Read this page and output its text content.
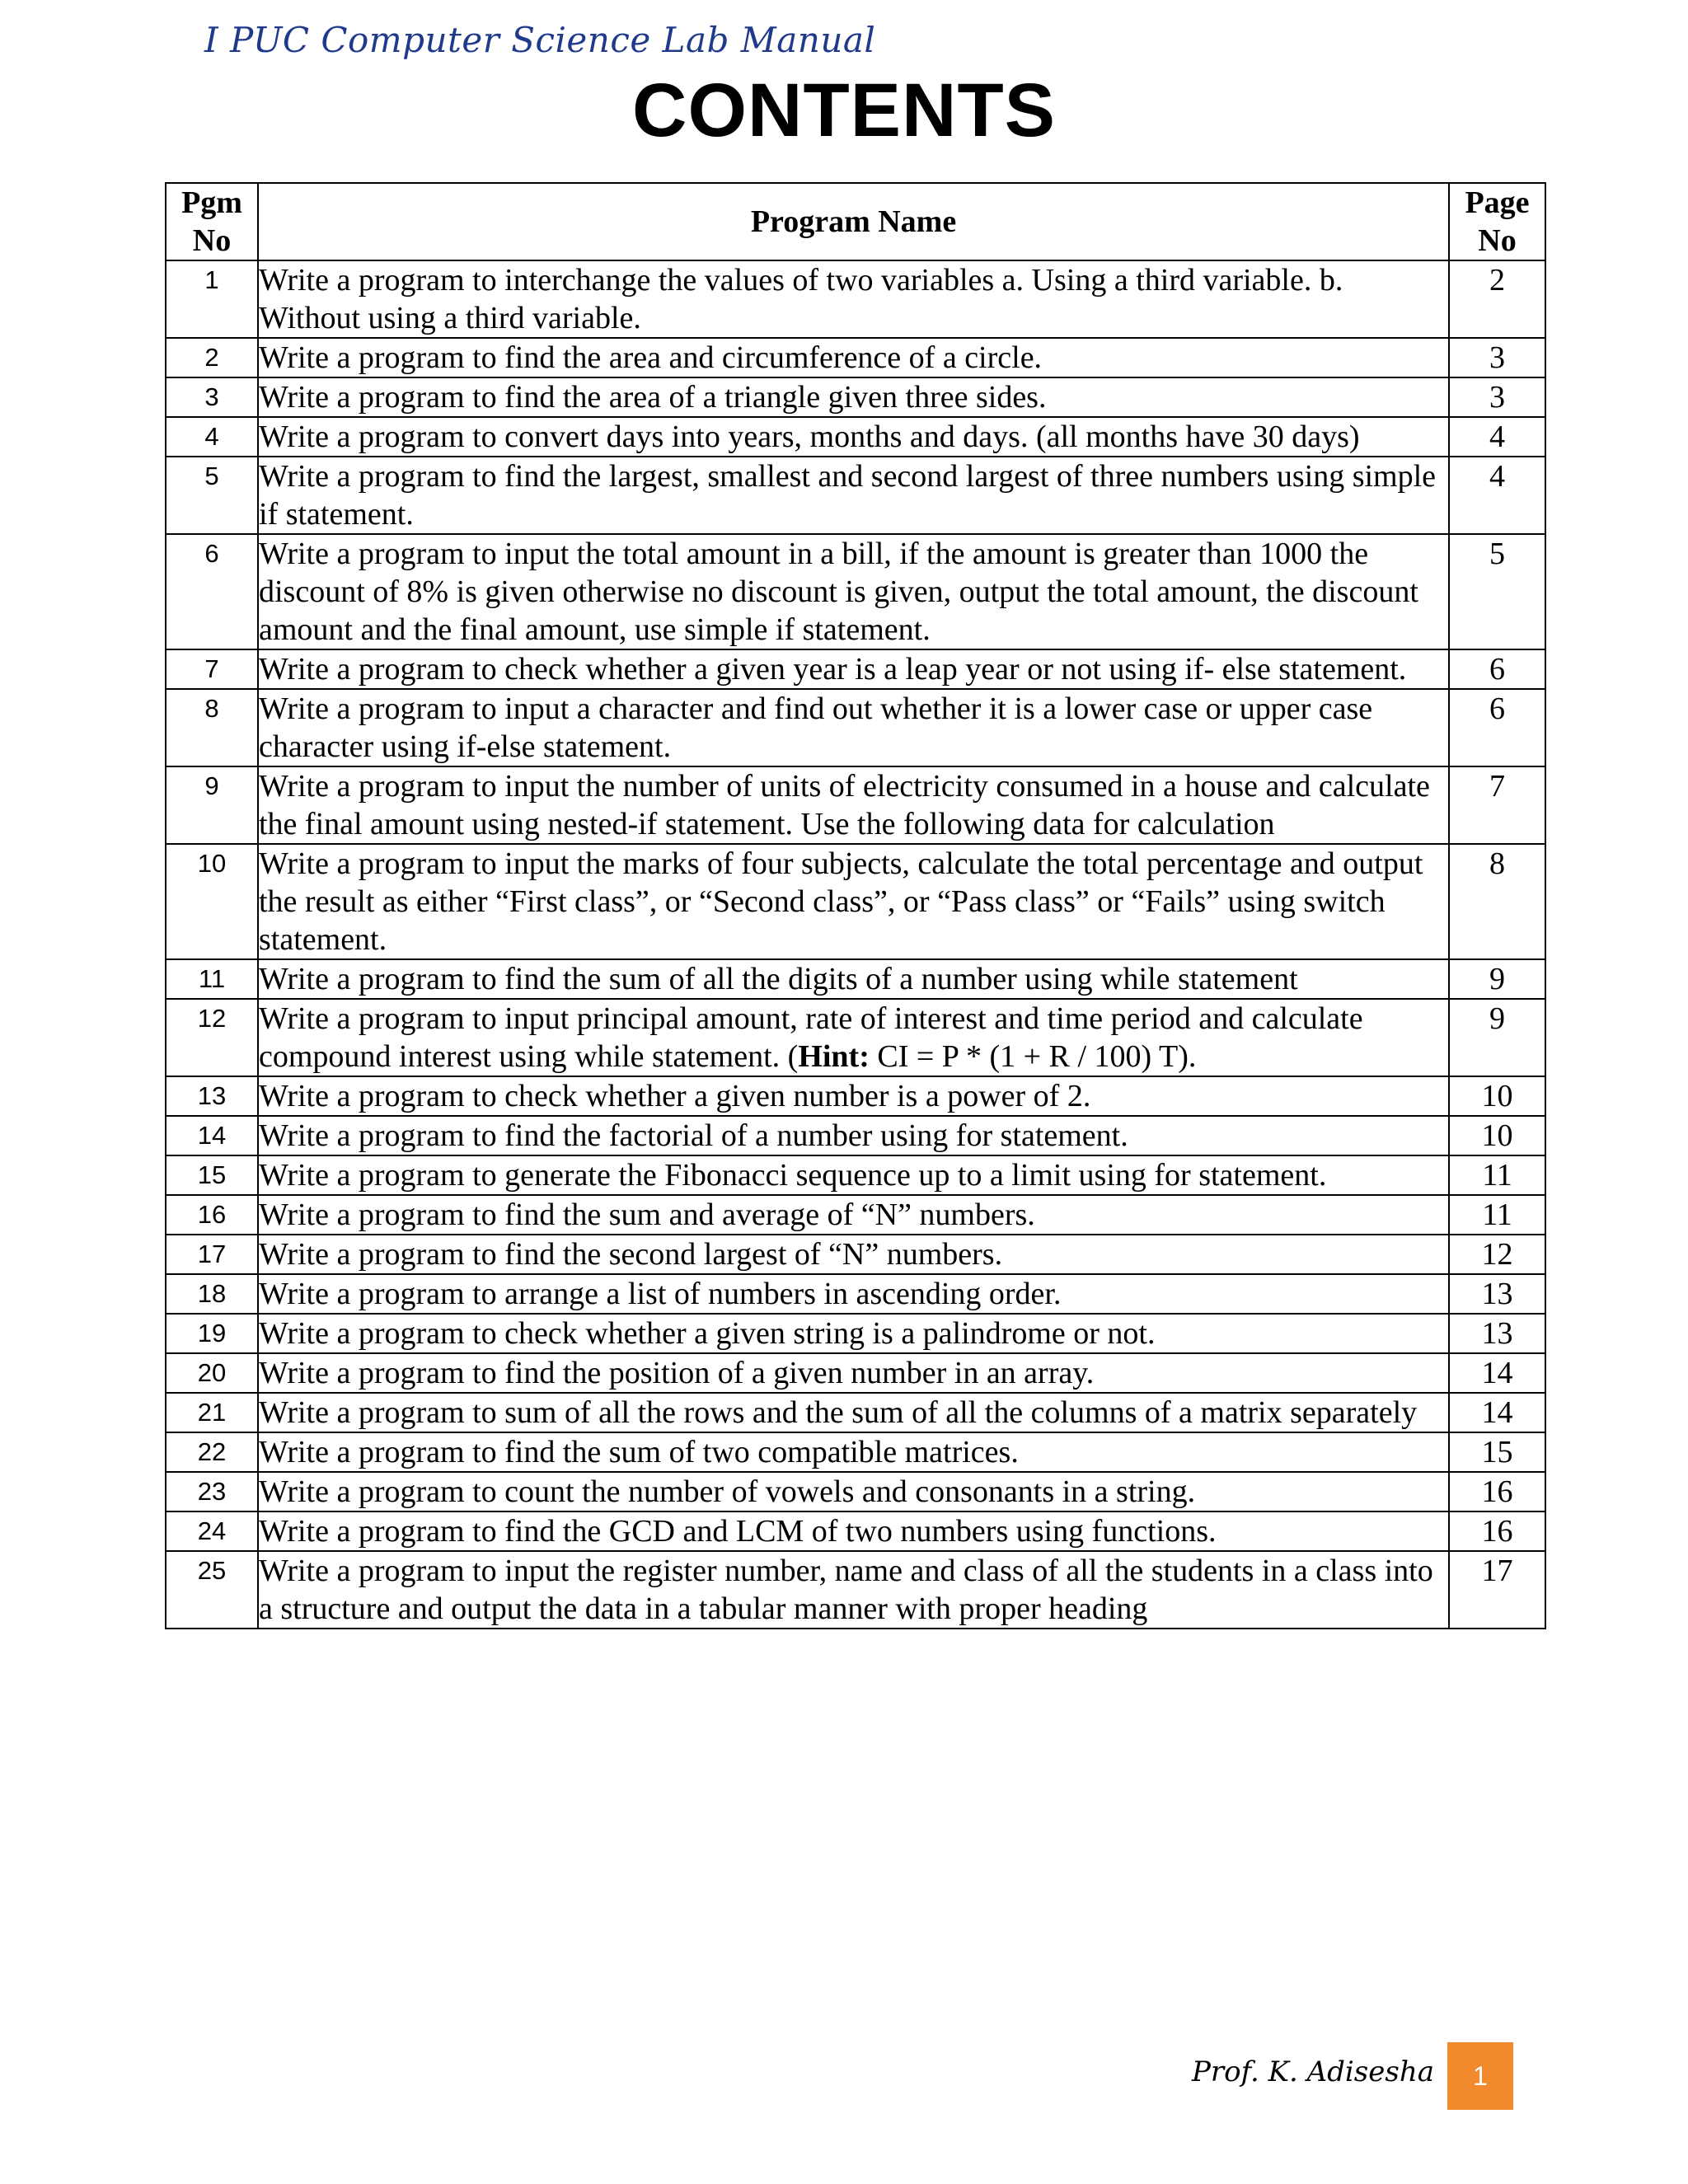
I PUC Computer Science Lab Manual
CONTENTS
Pgm No	Program Name	Page No
1	Write a program to interchange the values of two variables a. Using a third variable. b. Without using a third variable.	2
2	Write a program to find the area and circumference of a circle.	3
3	Write a program to find the area of a triangle given three sides.	3
4	Write a program to convert days into years, months and days. (all months have 30 days)	4
5	Write a program to find the largest, smallest and second largest of three numbers using simple if statement.	4
6	Write a program to input the total amount in a bill, if the amount is greater than 1000 the discount of 8% is given otherwise no discount is given, output the total amount, the discount amount and the final amount, use simple if statement.	5
7	Write a program to check whether a given year is a leap year or not using if- else statement.	6
8	Write a program to input a character and find out whether it is a lower case or upper case character using if-else statement.	6
9	Write a program to input the number of units of electricity consumed in a house and calculate the final amount using nested-if statement. Use the following data for calculation	7
10	Write a program to input the marks of four subjects, calculate the total percentage and output the result as either “First class”, or “Second class”, or “Pass class” or “Fails” using switch statement.	8
11	Write a program to find the sum of all the digits of a number using while statement	9
12	Write a program to input principal amount, rate of interest and time period and calculate compound interest using while statement. (Hint: CI = P * (1 + R / 100) T).	9
13	Write a program to check whether a given number is a power of 2.	10
14	Write a program to find the factorial of a number using for statement.	10
15	Write a program to generate the Fibonacci sequence up to a limit using for statement.	11
16	Write a program to find the sum and average of “N” numbers.	11
17	Write a program to find the second largest of “N” numbers.	12
18	Write a program to arrange a list of numbers in ascending order.	13
19	Write a program to check whether a given string is a palindrome or not.	13
20	Write a program to find the position of a given number in an array.	14
21	Write a program to sum of all the rows and the sum of all the columns of a matrix separately	14
22	Write a program to find the sum of two compatible matrices.	15
23	Write a program to count the number of vowels and consonants in a string.	16
24	Write a program to find the GCD and LCM of two numbers using functions.	16
25	Write a program to input the register number, name and class of all the students in a class into a structure and output the data in a tabular manner with proper heading	17
Prof. K. Adisesha	1
